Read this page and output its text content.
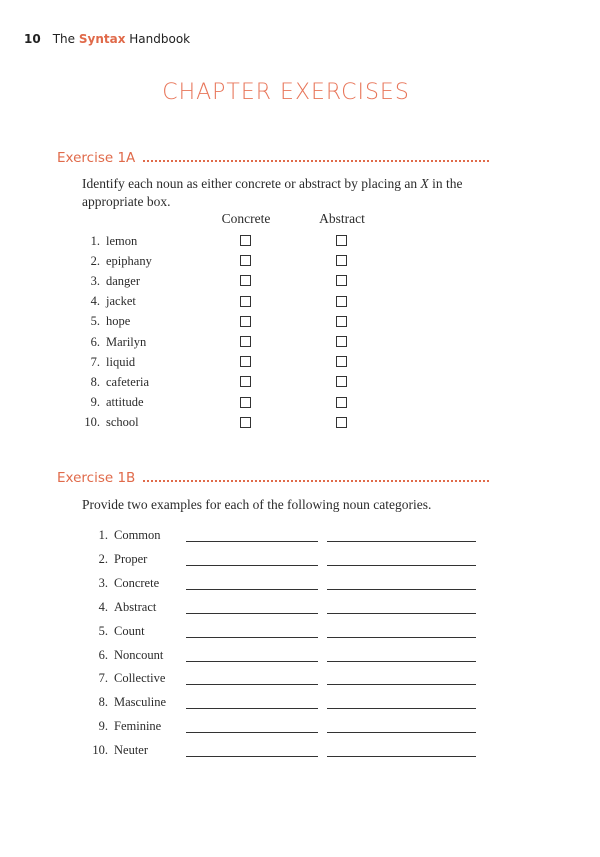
10 The Syntax Handbook
CHAPTER EXERCISES
Exercise 1A
Identify each noun as either concrete or abstract by placing an X in the appropriate box.
Concrete	Abstract
1. lemon
2. epiphany
3. danger
4. jacket
5. hope
6. Marilyn
7. liquid
8. cafeteria
9. attitude
10. school
Exercise 1B
Provide two examples for each of the following noun categories.
1. Common
2. Proper
3. Concrete
4. Abstract
5. Count
6. Noncount
7. Collective
8. Masculine
9. Feminine
10. Neuter
